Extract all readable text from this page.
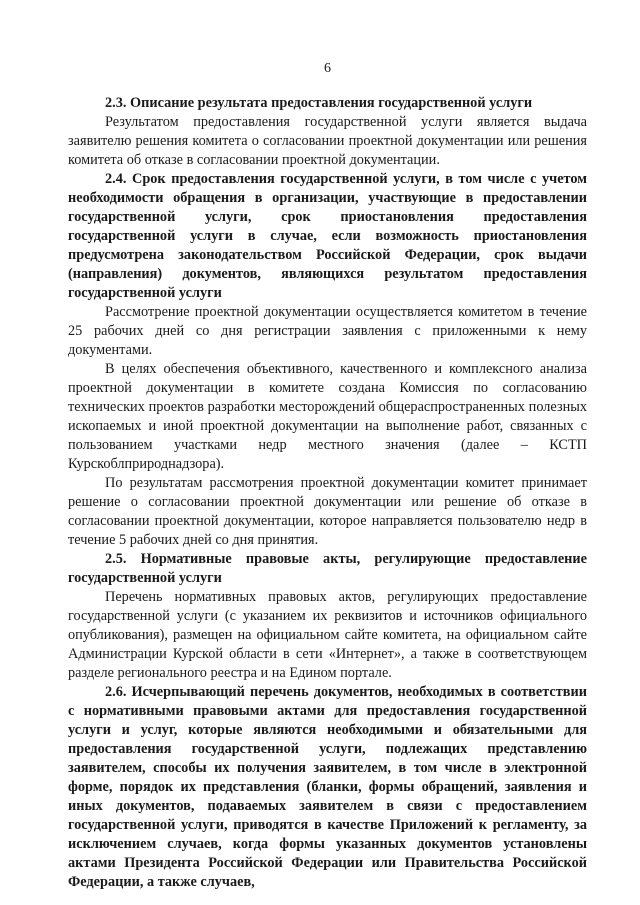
6

2.3. Описание результата предоставления государственной услуги

Результатом предоставления государственной услуги является выдача заявителю решения комитета о согласовании проектной документации или решения комитета об отказе в согласовании проектной документации.

2.4. Срок предоставления государственной услуги, в том числе с учетом необходимости обращения в организации, участвующие в предоставлении государственной услуги, срок приостановления предоставления государственной услуги в случае, если возможность приостановления предусмотрена законодательством Российской Федерации, срок выдачи (направления) документов, являющихся результатом предоставления государственной услуги

Рассмотрение проектной документации осуществляется комитетом в течение 25 рабочих дней со дня регистрации заявления с приложенными к нему документами.

В целях обеспечения объективного, качественного и комплексного анализа проектной документации в комитете создана Комиссия по согласованию технических проектов разработки месторождений общераспространенных полезных ископаемых и иной проектной документации на выполнение работ, связанных с пользованием участками недр местного значения (далее – КСТП Курскоблприроднадзора).

По результатам рассмотрения проектной документации комитет принимает решение о согласовании проектной документации или решение об отказе в согласовании проектной документации, которое направляется пользователю недр в течение 5 рабочих дней со дня принятия.

2.5. Нормативные правовые акты, регулирующие предоставление государственной услуги

Перечень нормативных правовых актов, регулирующих предоставление государственной услуги (с указанием их реквизитов и источников официального опубликования), размещен на официальном сайте комитета, на официальном сайте Администрации Курской области в сети «Интернет», а также в соответствующем разделе регионального реестра и на Едином портале.

2.6. Исчерпывающий перечень документов, необходимых в соответствии с нормативными правовыми актами для предоставления государственной услуги и услуг, которые являются необходимыми и обязательными для предоставления государственной услуги, подлежащих представлению заявителем, способы их получения заявителем, в том числе в электронной форме, порядок их представления (бланки, формы обращений, заявления и иных документов, подаваемых заявителем в связи с предоставлением государственной услуги, приводятся в качестве Приложений к регламенту, за исключением случаев, когда формы указанных документов установлены актами Президента Российской Федерации или Правительства Российской Федерации, а также случаев,
